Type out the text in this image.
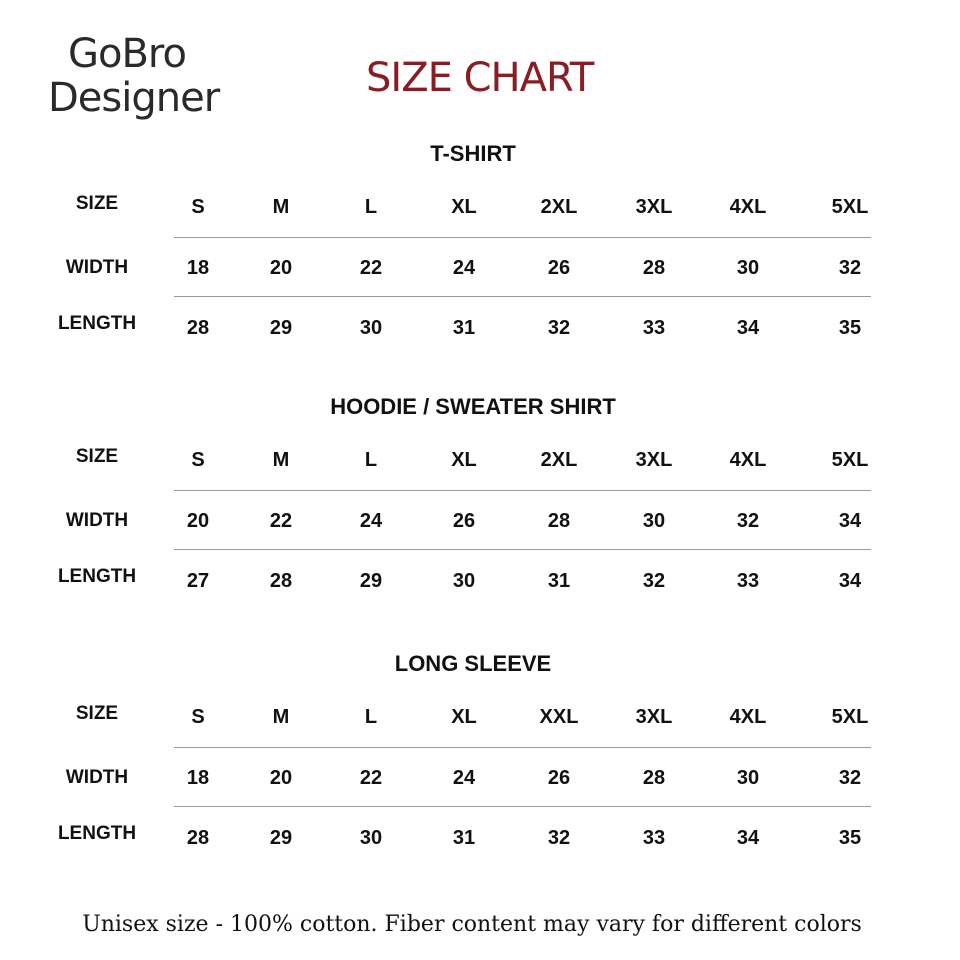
GoBro
Designer	SIZE CHART
T-SHIRT
SIZE	S	M	L	XL	2XL	3XL	4XL	5XL
WIDTH	18	20	22	24	26	28	30	32
LENGTH	28	29	30	31	32	33	34	35
HOODIE / SWEATER SHIRT
SIZE	S	M	L	XL	2XL	3XL	4XL	5XL
WIDTH	20	22	24	26	28	30	32	34
LENGTH	27	28	29	30	31	32	33	34
LONG SLEEVE
SIZE	S	M	L	XL	XXL	3XL	4XL	5XL
WIDTH	18	20	22	24	26	28	30	32
LENGTH	28	29	30	31	32	33	34	35
Unisex size - 100% cotton. Fiber content may vary for different colors
